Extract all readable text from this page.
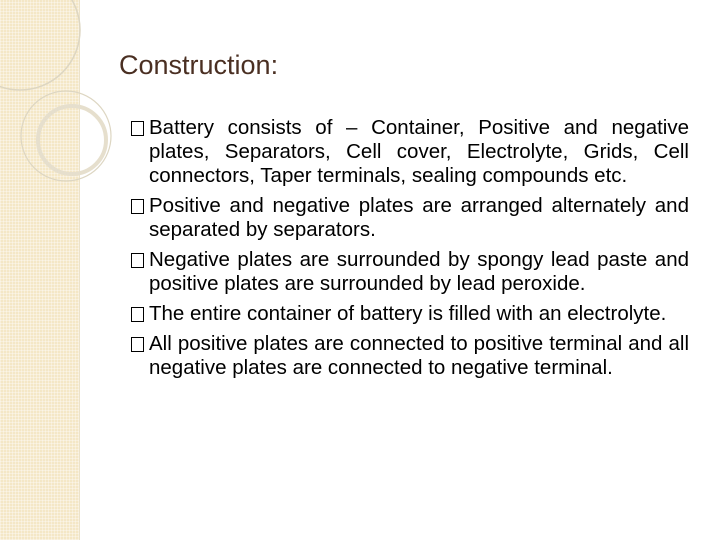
Construction:
Battery consists of – Container, Positive and negative plates, Separators, Cell cover, Electrolyte, Grids, Cell connectors, Taper terminals, sealing compounds etc.
Positive and negative plates are arranged alternately and separated by separators.
Negative plates are surrounded by spongy lead paste and positive plates are surrounded by lead peroxide.
The entire container of battery is filled with an electrolyte.
All positive plates are connected to positive terminal and all negative plates are connected to negative terminal.
